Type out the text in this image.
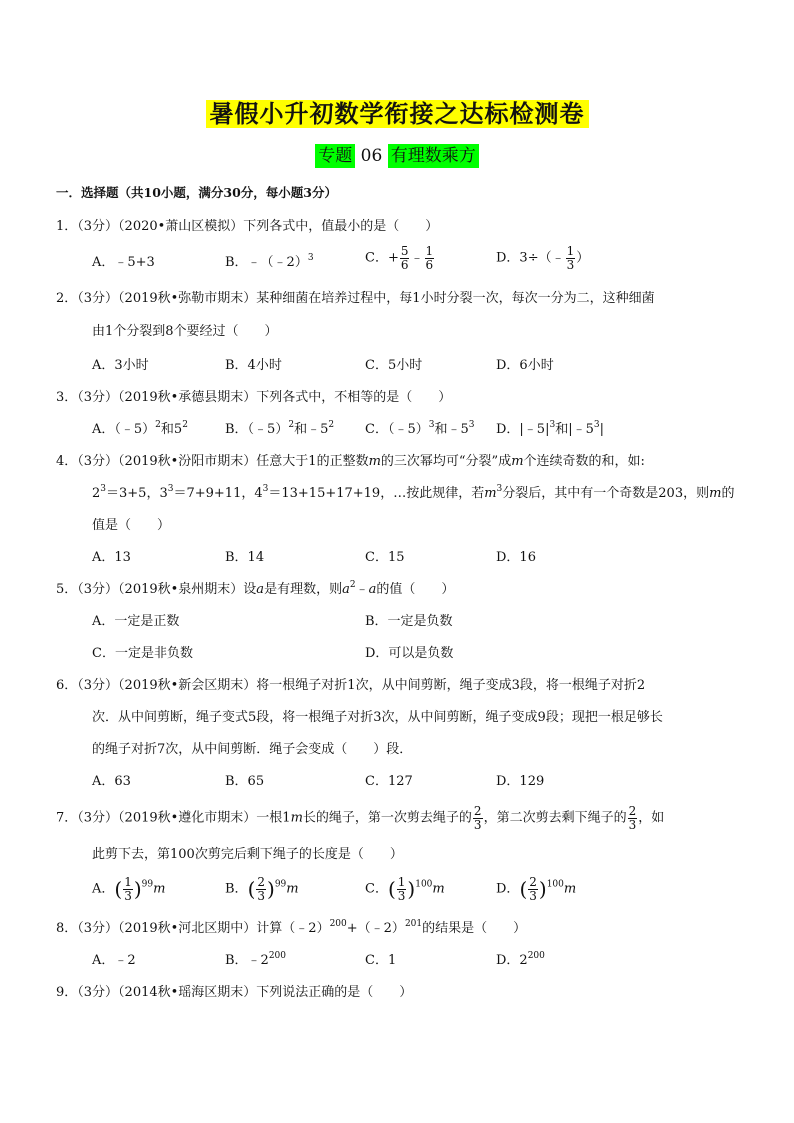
暑假小升初数学衔接之达标检测卷
专题 06 有理数乘方
一．选择题（共10小题，满分30分，每小题3分）
1．（3分）（2020•萧山区模拟）下列各式中，值最小的是（　　）
A．﹣5+3	B．﹣（﹣2）$^3$	C．+ $\frac{5}{6}$ ﹣ $\frac{1}{6}$	D．3÷（﹣ $\frac{1}{3}$ ）
2．（3分）（2019秋•弥勒市期末）某种细菌在培养过程中，每1小时分裂一次，每次一分为二，这种细菌
由1个分裂到8个要经过（　　）
A．3小时	B．4小时	C．5小时	D．6小时
3．（3分）（2019秋•承德县期末）下列各式中，不相等的是（　　）
A．（﹣5）$^2$和$5^2$	B．（﹣5）$^2$和$﹣5^2$ C．（﹣5）$^3$和$﹣5^3$ D．$|﹣5|^3$和$|﹣5^3|$
4．（3分）（2019秋•汾阳市期末）任意大于1的正整数m的三次幂均可“分裂”成m个连续奇数的和，如:
$2^3=3+5$，$3^3=7+9+11$，$4^3=13+15+17+19$，…按此规律，若$m^3$分裂后，其中有一个奇数是203，则m的
值是（　　）
A．13	B．14	C．15	D．16
5．（3分）（2019秋•泉州期末）设a是有理数，则$a^2﹣a$的值（　　）
A．一定是正数	B．一定是负数
C．一定是非负数	D．可以是负数
6．（3分）（2019秋•新会区期末）将一根绳子对折1次，从中间剪断，绳子变成3段，将一根绳子对折2
次．从中间剪断，绳子变式5段，将一根绳子对折3次，从中间剪断，绳子变成9段；现把一根足够长
的绳子对折7次，从中间剪断．绳子会变成（　　）段．
A．63	B．65	C．127	D．129
7．（3分）（2019秋•遵化市期末）一根1m长的绳子，第一次剪去绳子的 $\frac{2}{3}$ ，第二次剪去剩下绳子的 $\frac{2}{3}$ ，如
此剪下去，第100次剪完后剩下绳子的长度是（　　）
A．( $\frac{1}{3} )^{99}m$	B．( $\frac{2}{3} )^{99}m$	C．( $\frac{1}{3} )^{100}m$	D．( $\frac{2}{3} )^{100}m$
8．（3分）（2019秋•河北区期中）计算（﹣2）$^{200}$+（﹣2）$^{201}$的结果是（　　）
A．﹣2	B．$﹣2^{200}$	C．1	D．$2^{200}$
9．（3分）（2014秋•瑶海区期末）下列说法正确的是（　　）
